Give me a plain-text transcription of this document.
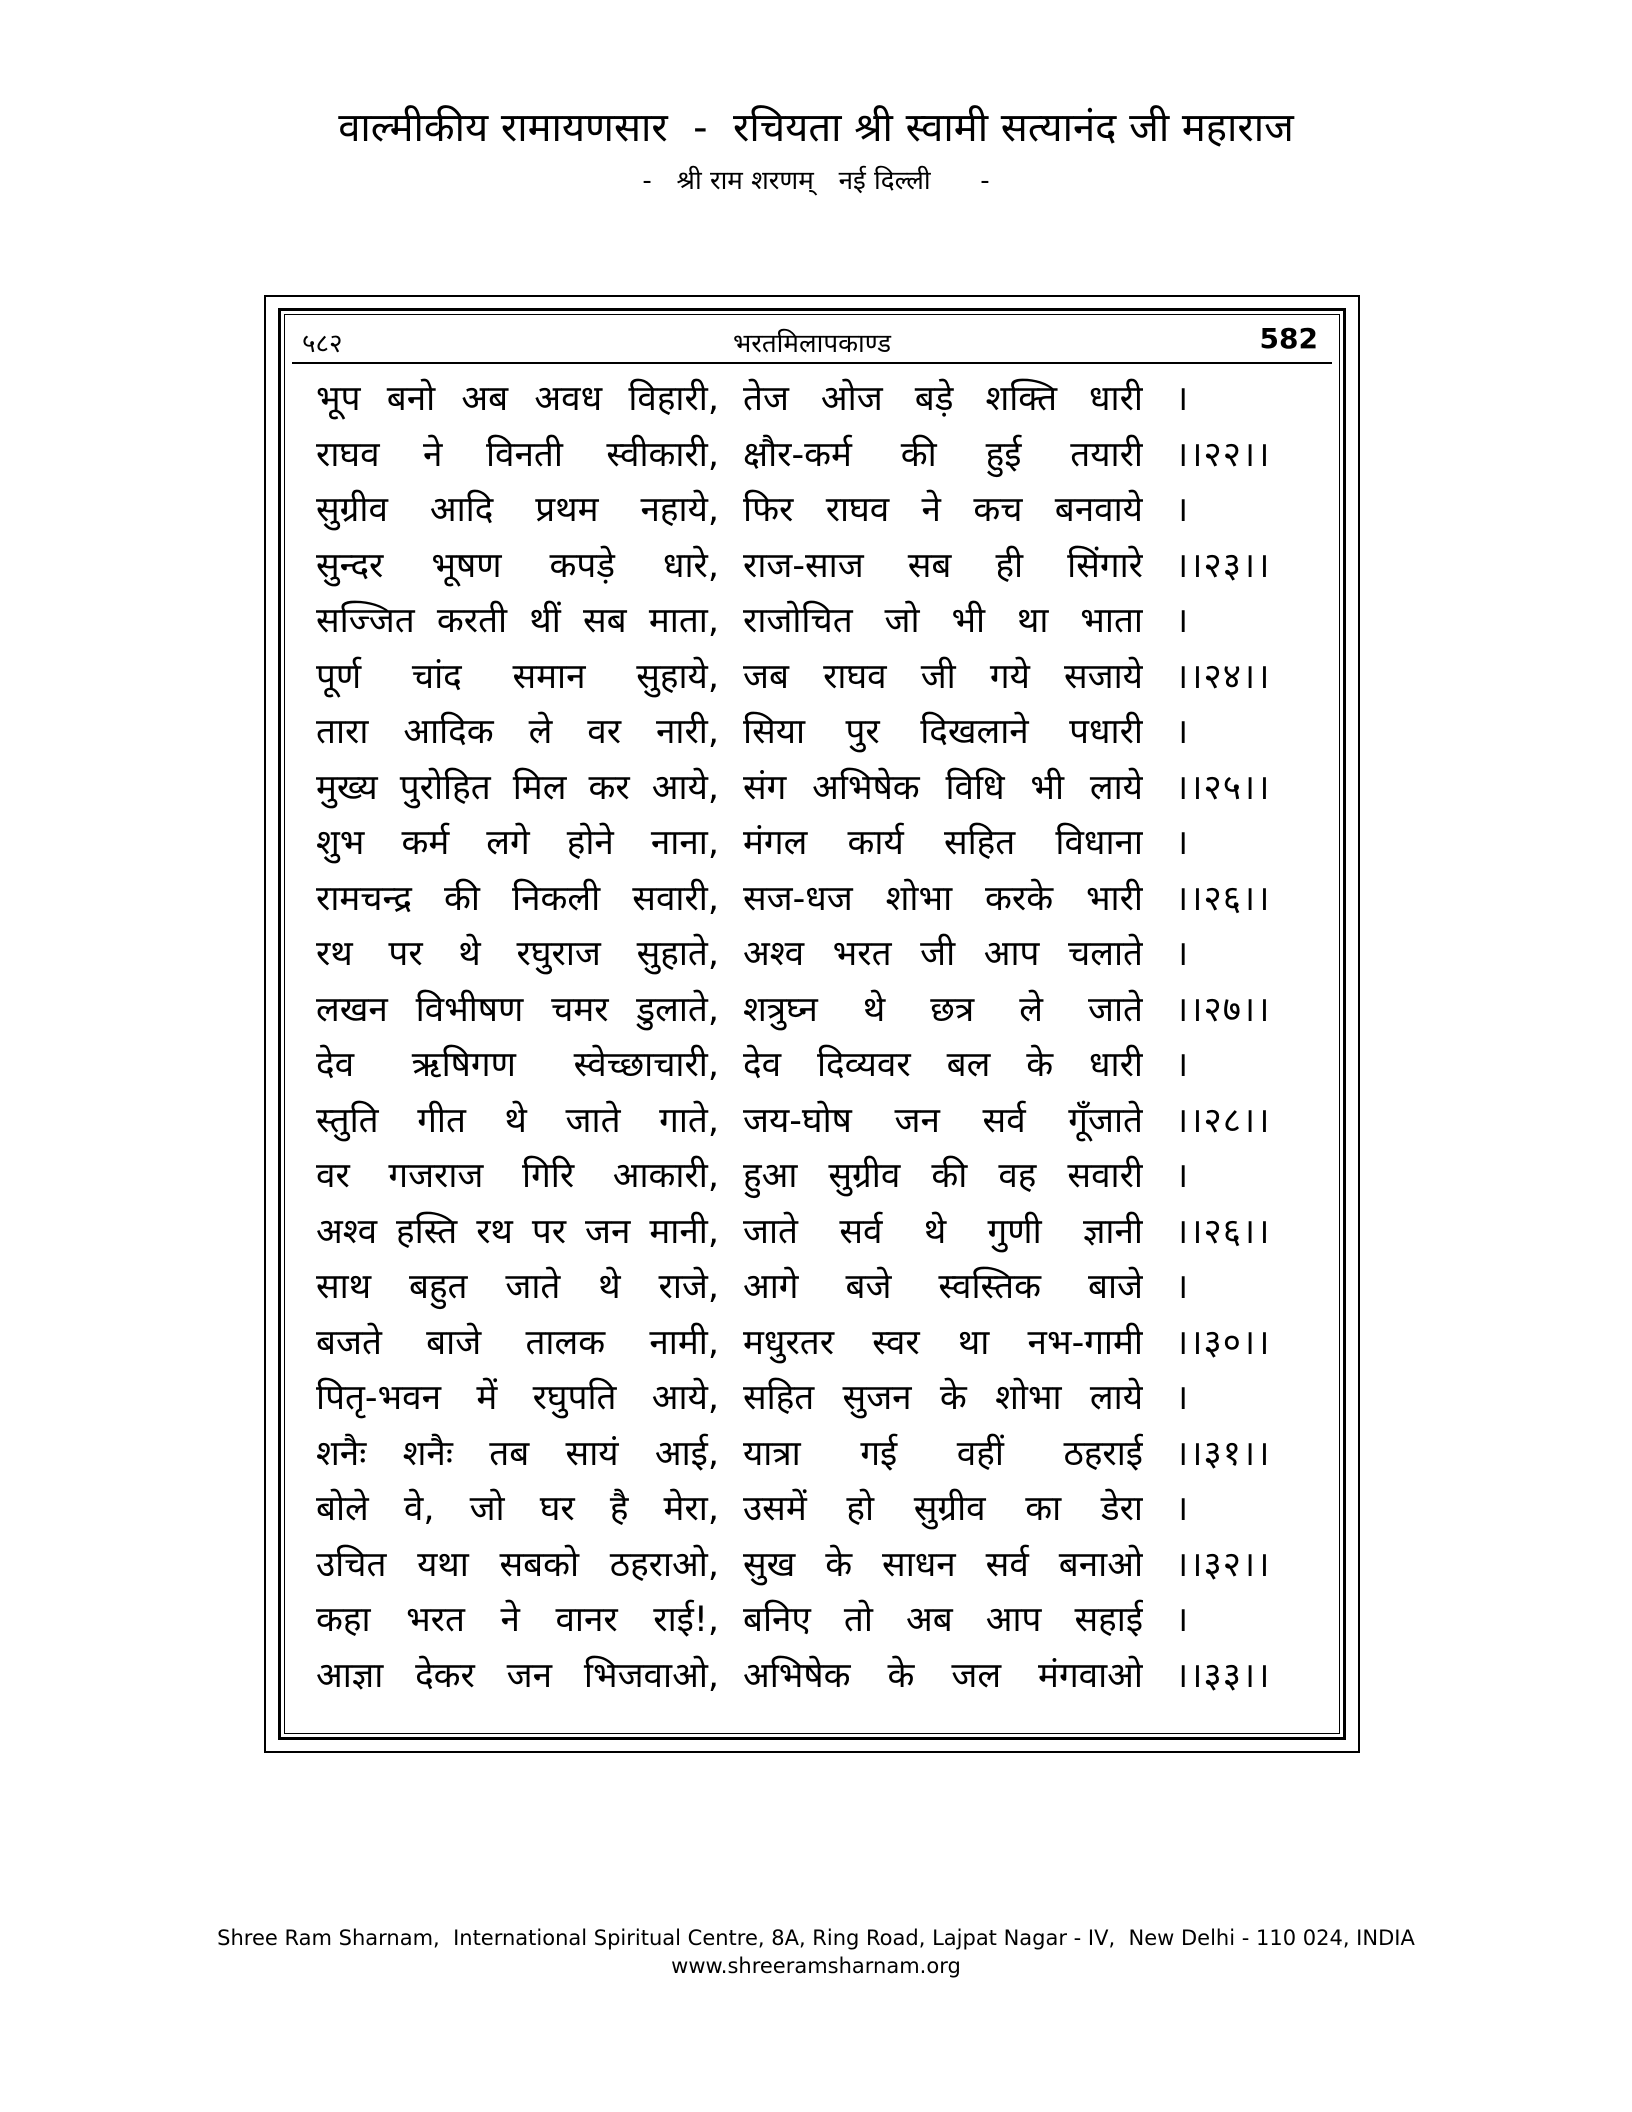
वाल्मीकीय रामायणसार  -  रचियता श्री स्वामी सत्यानंद जी महाराज
-   श्री राम शरणम्   नई दिल्ली      -
५८२	भरतमिलापकाण्ड	582
भूप बनो अब अवध विहारी, तेज ओज बड़े शक्ति धारी ।
राघव ने विनती स्वीकारी, क्षौर-कर्म की हुई तयारी ।।२२।।
सुग्रीव आदि प्रथम नहाये, फिर राघव ने कच बनवाये ।
सुन्दर भूषण कपड़े धारे, राज-साज सब ही सिंगारे ।।२३।।
सज्जित करती थीं सब माता, राजोचित जो भी था भाता ।
पूर्ण चांद समान सुहाये, जब राघव जी गये सजाये ।।२४।।
तारा आदिक ले वर नारी, सिया पुर दिखलाने पधारी ।
मुख्य पुरोहित मिल कर आये, संग अभिषेक विधि भी लाये ।।२५।।
शुभ कर्म लगे होने नाना, मंगल कार्य सहित विधाना ।
रामचन्द्र की निकली सवारी, सज-धज शोभा करके भारी ।।२६।।
रथ पर थे रघुराज सुहाते, अश्व भरत जी आप चलाते ।
लखन विभीषण चमर डुलाते, शत्रुघ्न थे छत्र ले जाते ।।२७।।
देव ऋषिगण स्वेच्छाचारी, देव दिव्यवर बल के धारी ।
स्तुति गीत थे जाते गाते, जय-घोष जन सर्व गूँजाते ।।२८।।
वर गजराज गिरि आकारी, हुआ सुग्रीव की वह सवारी ।
अश्व हस्ति रथ पर जन मानी, जाते सर्व थे गुणी ज्ञानी ।।२६।।
साथ बहुत जाते थे राजे, आगे बजे स्वस्तिक बाजे ।
बजते बाजे तालक नामी, मधुरतर स्वर था नभ-गामी ।।३०।।
पितृ-भवन में रघुपति आये, सहित सुजन के शोभा लाये ।
शनैः शनैः तब सायं आई, यात्रा गई वहीं ठहराई ।।३१।।
बोले वे, जो घर है मेरा, उसमें हो सुग्रीव का डेरा ।
उचित यथा सबको ठहराओ, सुख के साधन सर्व बनाओ ।।३२।।
कहा भरत ने वानर राई!, बनिए तो अब आप सहाई ।
आज्ञा देकर जन भिजवाओ, अभिषेक के जल मंगवाओ ।।३३।।
Shree Ram Sharnam,  International Spiritual Centre, 8A, Ring Road, Lajpat Nagar - IV,  New Delhi - 110 024, INDIA
www.shreeramsharnam.org
